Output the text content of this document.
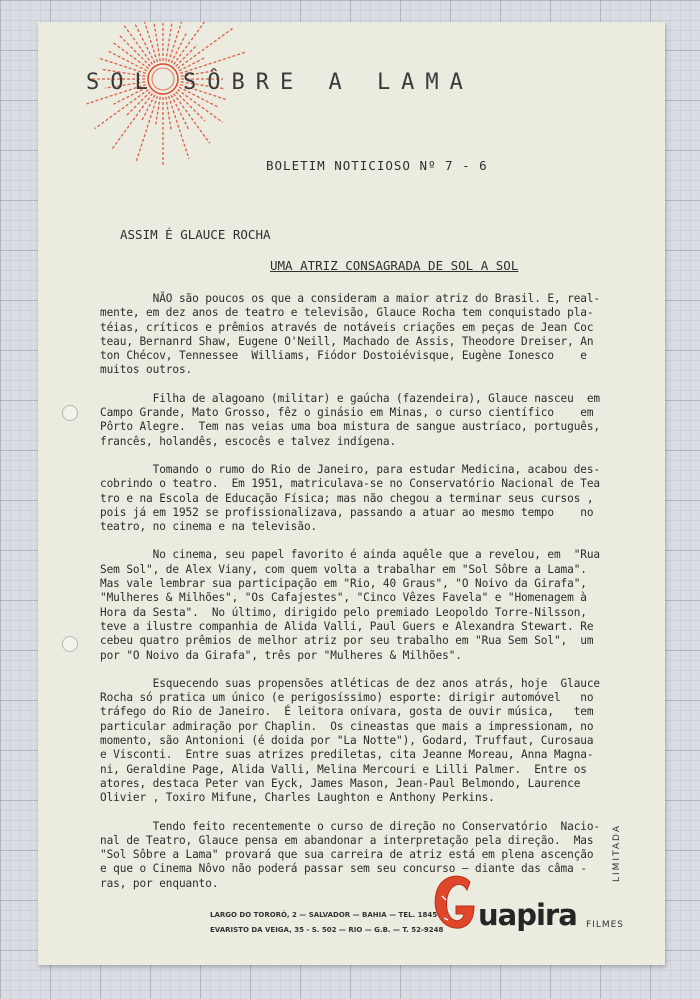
SOL SÔBRE A LAMA
BOLETIM NOTICIOSO Nº 7 - 6
ASSIM É GLAUCE ROCHA
UMA ATRIZ CONSAGRADA DE SOL A SOL

NÃO são poucos os que a consideram a maior atriz do Brasil. E, real-
mente, em dez anos de teatro e televisão, Glauce Rocha tem conquistado pla-
téias, críticos e prêmios através de notáveis criações em peças de Jean Coc
teau, Bernanrd Shaw, Eugene O'Neill, Machado de Assis, Theodore Dreiser, An
ton Chécov, Tennessee  Williams, Fiódor Dostoiévisque, Eugène Ionesco    e
muitos outros.

Filha de alagoano (militar) e gaúcha (fazendeira), Glauce nasceu  em
Campo Grande, Mato Grosso, fêz o ginásio em Minas, o curso científico    em
Pôrto Alegre.  Tem nas veias uma boa mistura de sangue austríaco, português,
francês, holandês, escocês e talvez indígena.

Tomando o rumo do Rio de Janeiro, para estudar Medicina, acabou des-
cobrindo o teatro.  Em 1951, matriculava-se no Conservatório Nacional de Tea
tro e na Escola de Educação Física; mas não chegou a terminar seus cursos ,
pois já em 1952 se profissionalizava, passando a atuar ao mesmo tempo    no
teatro, no cinema e na televisão.

No cinema, seu papel favorito é ainda aquêle que a revelou, em  "Rua
Sem Sol", de Alex Viany, com quem volta a trabalhar em "Sol Sôbre a Lama".
Mas vale lembrar sua participação em "Rio, 40 Graus", "O Noivo da Girafa",
"Mulheres & Milhões", "Os Cafajestes", "Cinco Vêzes Favela" e "Homenagem à
Hora da Sesta".  No último, dirigido pelo premiado Leopoldo Torre-Nilsson,
teve a ilustre companhia de Alida Valli, Paul Guers e Alexandra Stewart. Re
cebeu quatro prêmios de melhor atriz por seu trabalho em "Rua Sem Sol",  um
por "O Noivo da Girafa", três por "Mulheres & Milhões".

Esquecendo suas propensões atléticas de dez anos atrás, hoje  Glauce
Rocha só pratica um único (e perigosíssimo) esporte: dirigir automóvel   no
tráfego do Rio de Janeiro.  É leitora onívara, gosta de ouvir música,   tem
particular admiração por Chaplin.  Os cineastas que mais a impressionam, no
momento, são Antonioni (é doida por "La Notte"), Godard, Truffaut, Curosaua
e Visconti.  Entre suas atrizes prediletas, cita Jeanne Moreau, Anna Magna-
ni, Geraldine Page, Alida Valli, Melina Mercouri e Lilli Palmer.  Entre os
atores, destaca Peter van Eyck, James Mason, Jean-Paul Belmondo, Laurence
Olivier , Toxiro Mifune, Charles Laughton e Anthony Perkins.

Tendo feito recentemente o curso de direção no Conservatório  Nacio-
nal de Teatro, Glauce pensa em abandonar a interpretação pela direção.  Mas
"Sol Sôbre a Lama" provará que sua carreira de atriz está em plena ascenção
e que o Cinema Nôvo não poderá passar sem seu concurso — diante das câma -
ras, por enquanto.

LARGO DO TORORÓ, 2 — SALVADOR — BAHIA — TEL. 1845
EVARISTO DA VEIGA, 35 - S. 502 — RIO — G.B. — T. 52-9248 uapira FILMES
LIMITADA
